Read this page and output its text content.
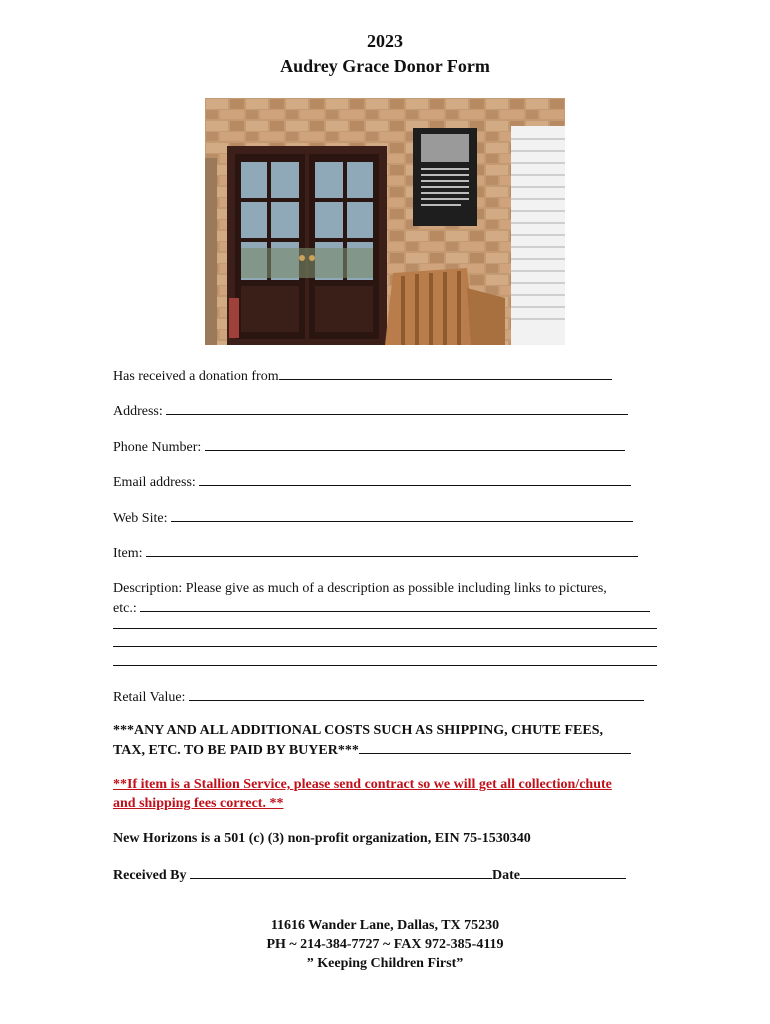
2023
Audrey Grace Donor Form
Has received a donation from
Address:
Phone Number:
Email address:
Web Site:
Item:
Description: Please give as much of a description as possible including links to pictures,
etc.:
Retail Value:
***ANY AND ALL ADDITIONAL COSTS SUCH AS SHIPPING, CHUTE FEES,
TAX, ETC. TO BE PAID BY BUYER***
**If item is a Stallion Service, please send contract so we will get all collection/chute
and shipping fees correct. **
New Horizons is a 501 (c) (3) non-profit organization, EIN 75-1530340
Received By	Date
11616 Wander Lane, Dallas, TX 75230
PH ~ 214-384-7727 ~ FAX 972-385-4119
” Keeping Children First”
